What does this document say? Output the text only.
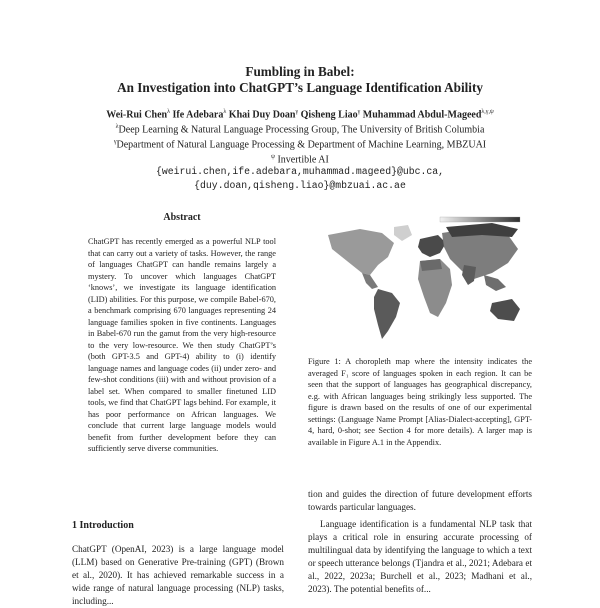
Fumbling in Babel:
An Investigation into ChatGPT’s Language Identification Ability
Wei-Rui Chen$^\lambda$ Ife Adebara$^\lambda$ Khai Duy Doan$^\gamma$ Qisheng Liao$^\gamma$ Muhammad Abdul-Mageed$^{\lambda,\gamma,\psi}$
$^\lambda$Deep Learning & Natural Language Processing Group, The University of British Columbia
$^\gamma$Department of Natural Language Processing & Department of Machine Learning, MBZUAI
$^\psi$ Invertible AI
{weirui.chen,ife.adebara,muhammad.mageed}@ubc.ca,
{duy.doan,qisheng.liao}@mbzuai.ac.ae
Abstract
ChatGPT has recently emerged as a powerful NLP tool that can carry out a variety of tasks. However, the range of languages ChatGPT can handle remains largely a mystery. To uncover which languages ChatGPT ‘knows’, we investigate its language identification (LID) abilities. For this purpose, we compile Babel-670, a benchmark comprising 670 languages representing 24 language families spoken in five continents. Languages in Babel-670 run the gamut from the very high-resource to the very low-resource. We then study ChatGPT’s (both GPT-3.5 and GPT-4) ability to (i) identify language names and language codes (ii) under zero- and few-shot conditions (iii) with and without provision of a label set. When compared to smaller finetuned LID tools, we find that ChatGPT lags behind. For example, it has poor performance on African languages. We conclude that current large language models would benefit from further development before they can sufficiently serve diverse communities.
1 Introduction

ChatGPT (OpenAI, 2023) is a large language model (LLM) based on Generative Pre-training (GPT) (Brown et al., 2020). It has achieved remarkable success in a wide range of natural language processing (NLP) tasks, including...

Figure 1: A choropleth map where the intensity indicates the averaged F₁ score of languages spoken in each region. It can be seen that the support of languages has geographical discrepancy, e.g. with African languages being strikingly less supported. The figure is drawn based on the results of one of our experimental settings: (Language Name Prompt [Alias-Dialect-accepting], GPT-4, hard, 0-shot; see Section 4 for more details). A larger map is available in Figure A.1 in the Appendix.

tion and guides the direction of future development efforts towards particular languages.

Language identification is a fundamental NLP task that plays a critical role in ensuring accurate processing of multilingual data by identifying the language to which a text or speech utterance belongs (Tjandra et al., 2021; Adebara et al., 2022, 2023a; Burchell et al., 2023; Madhani et al., 2023). The potential benefits of...
